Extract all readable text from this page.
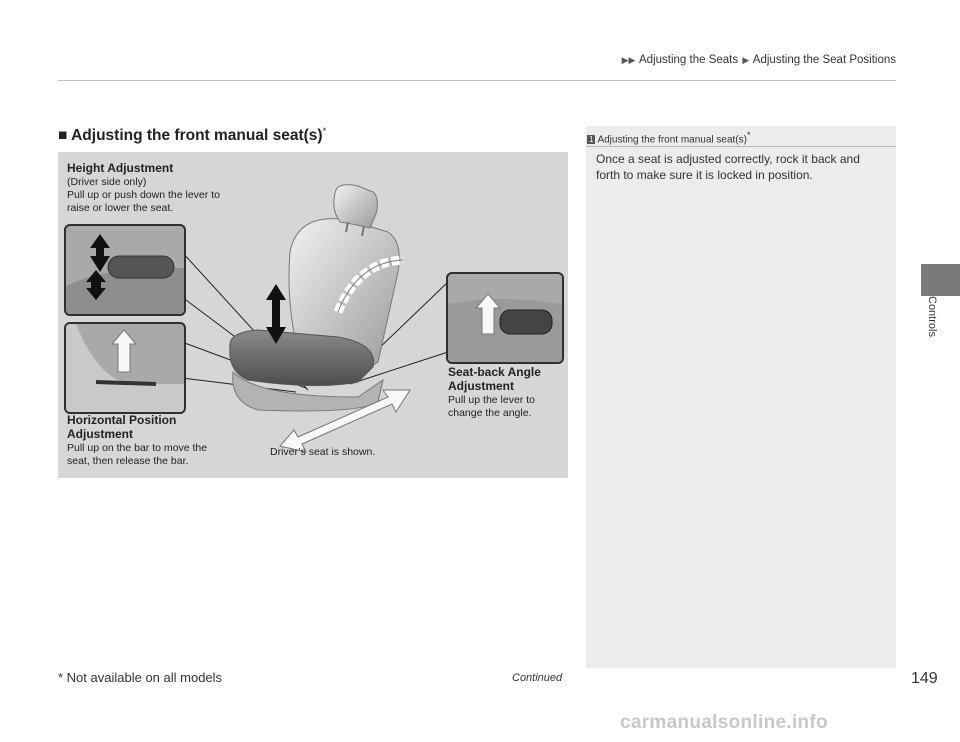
▶▶ Adjusting the Seats ▶ Adjusting the Seat Positions
Controls
■ Adjusting the front manual seat(s)*
Height Adjustment
(Driver side only)
Pull up or push down the lever to raise or lower the seat.
Horizontal Position
Adjustment
Pull up on the bar to move the seat, then release the bar.
Seat-back Angle
Adjustment
Pull up the lever to change the angle.
Driver’s seat is shown.
1 Adjusting the front manual seat(s)*
Once a seat is adjusted correctly, rock it back and forth to make sure it is locked in position.
* Not available on all models	Continued	149
carmanualsonline.info
